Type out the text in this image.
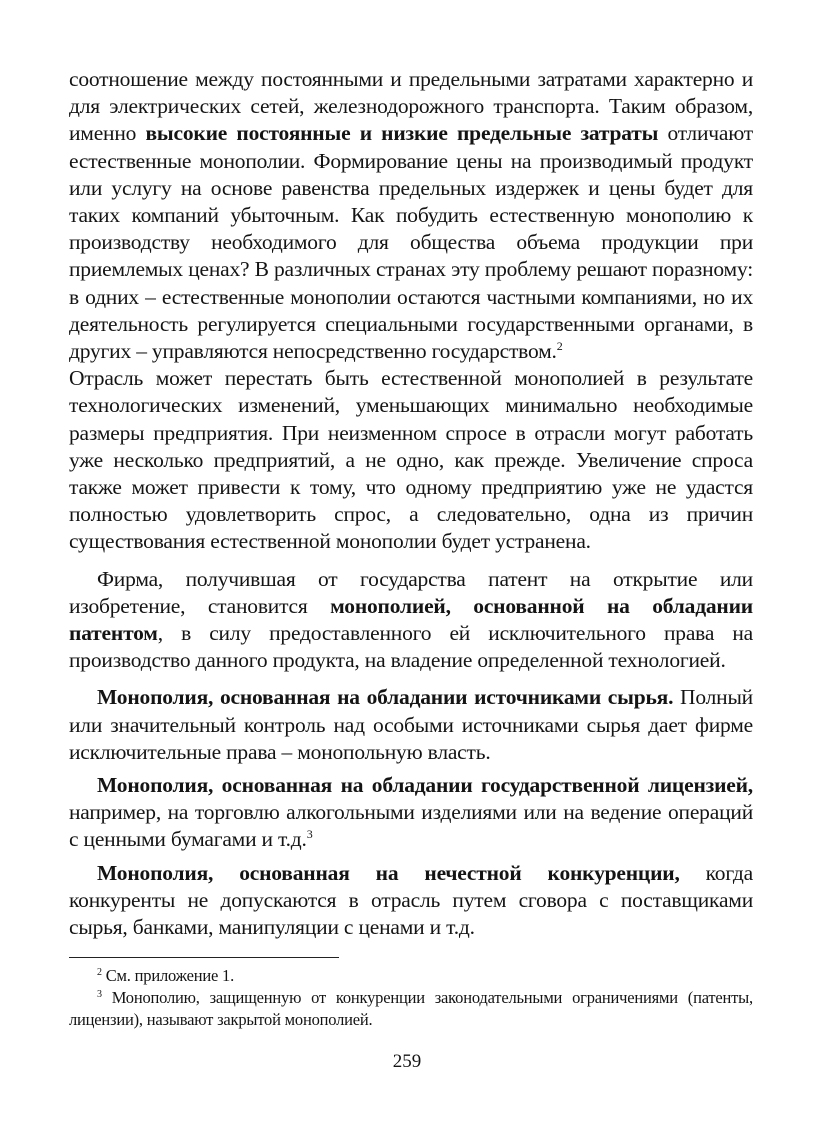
соотношение между постоянными и предельными затратами характерно и для электрических сетей, железнодорожного транспорта. Таким образом, именно высокие постоянные и низкие предельные затраты отличают естественные монополии. Формирование цены на производимый продукт или услугу на основе равенства предельных издержек и цены будет для таких компаний убыточным. Как побудить естественную монополию к производству необходимого для общества объема продукции при приемлемых ценах? В различных странах эту проблему решают поразному: в одних – естественные монополии остаются частными компаниями, но их деятельность регулируется специальными государственными органами, в других – управляются непосредственно государством.$^2$

Отрасль может перестать быть естественной монополией в результате технологических изменений, уменьшающих минимально необходимые размеры предприятия. При неизменном спросе в отрасли могут работать уже несколько предприятий, а не одно, как прежде. Увеличение спроса также может привести к тому, что одному предприятию уже не удастся полностью удовлетворить спрос, а следовательно, одна из причин существования естественной монополии будет устранена.

Фирма, получившая от государства патент на открытие или изобретение, становится монополией, основанной на обладании патентом, в силу предоставленного ей исключительного права на производство данного продукта, на владение определенной технологией.

Монополия, основанная на обладании источниками сырья. Полный или значительный контроль над особыми источниками сырья дает фирме исключительные права – монопольную власть.

Монополия, основанная на обладании государственной лицензией, например, на торговлю алкогольными изделиями или на ведение операций с ценными бумагами и т.д.$^3$

Монополия, основанная на нечестной конкуренции, когда конкуренты не допускаются в отрасль путем сговора с поставщиками сырья, банками, манипуляции с ценами и т.д.

$^2$ См. приложение 1.

$^3$ Монополию, защищенную от конкуренции законодательными ограничениями (патенты, лицензии), называют закрытой монополией.

259
